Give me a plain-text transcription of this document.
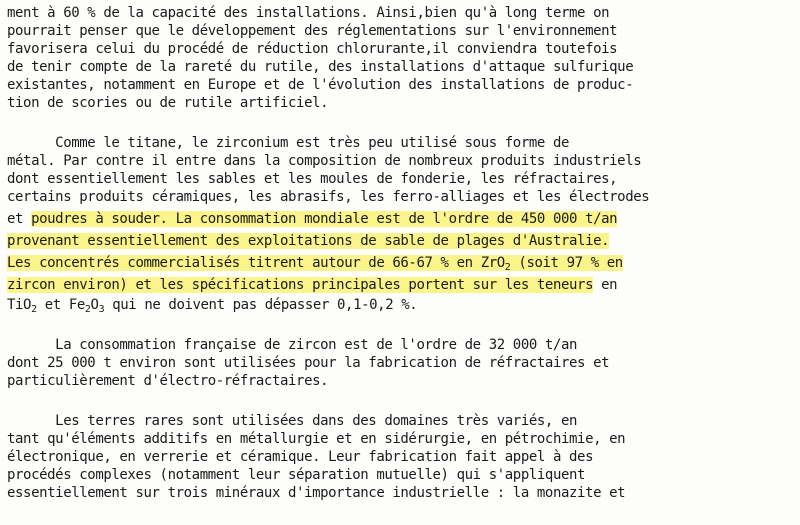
ment à 60 % de la capacité des installations. Ainsi,bien qu'à long terme on
pourrait penser que le développement des réglementations sur l'environnement
favorisera celui du procédé de réduction chlorurante,il conviendra toutefois
de tenir compte de la rareté du rutile, des installations d'attaque sulfurique
existantes, notamment en Europe et de l'évolution des installations de produc-
tion de scories ou de rutile artificiel.
Comme le titane, le zirconium est très peu utilisé sous forme de
métal. Par contre il entre dans la composition de nombreux produits industriels
dont essentiellement les sables et les moules de fonderie, les réfractaires,
certains produits céramiques, les abrasifs, les ferro-alliages et les électrodes
et poudres à souder. La consommation mondiale est de l'ordre de 450 000 t/an
provenant essentiellement des exploitations de sable de plages d'Australie.
Les concentrés commercialisés titrent autour de 66-67 % en ZrO$_2$ (soit 97 % en
zircon environ) et les spécifications principales portent sur les teneurs en
TiO$_2$ et $Fe_2O_3$ qui ne doivent pas dépasser 0,1-0,2 %.
La consommation française de zircon est de l'ordre de 32 000 t/an
dont 25 000 t environ sont utilisées pour la fabrication de réfractaires et
particulièrement d'électro-réfractaires.
Les terres rares sont utilisées dans des domaines très variés, en
tant qu'éléments additifs en métallurgie et en sidérurgie, en pétrochimie, en
électronique, en verrerie et céramique. Leur fabrication fait appel à des
procédés complexes (notamment leur séparation mutuelle) qui s'appliquent
essentiellement sur trois minéraux d'importance industrielle : la monazite et
